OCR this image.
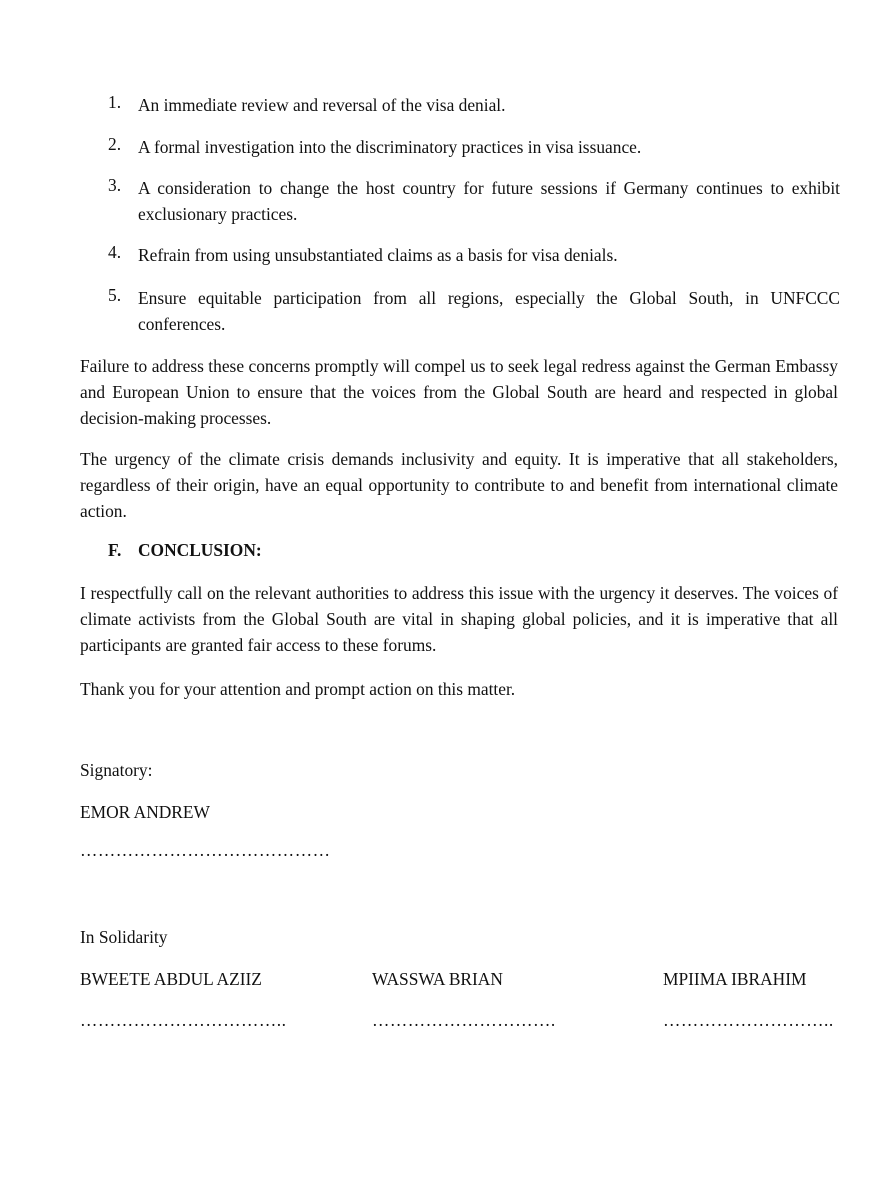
1. An immediate review and reversal of the visa denial.
2. A formal investigation into the discriminatory practices in visa issuance.
3. A consideration to change the host country for future sessions if Germany continues to exhibit exclusionary practices.
4. Refrain from using unsubstantiated claims as a basis for visa denials.
5. Ensure equitable participation from all regions, especially the Global South, in UNFCCC conferences.
Failure to address these concerns promptly will compel us to seek legal redress against the German Embassy and European Union to ensure that the voices from the Global South are heard and respected in global decision-making processes.
The urgency of the climate crisis demands inclusivity and equity. It is imperative that all stakeholders, regardless of their origin, have an equal opportunity to contribute to and benefit from international climate action.
F. CONCLUSION:
I respectfully call on the relevant authorities to address this issue with the urgency it deserves. The voices of climate activists from the Global South are vital in shaping global policies, and it is imperative that all participants are granted fair access to these forums.
Thank you for your attention and prompt action on this matter.
Signatory:
EMOR ANDREW
……………………………………
In Solidarity
BWEETE ABDUL AZIIZ	WASSWA BRIAN	MPIIMA IBRAHIM
……………………………..	………………………….	………………………..
